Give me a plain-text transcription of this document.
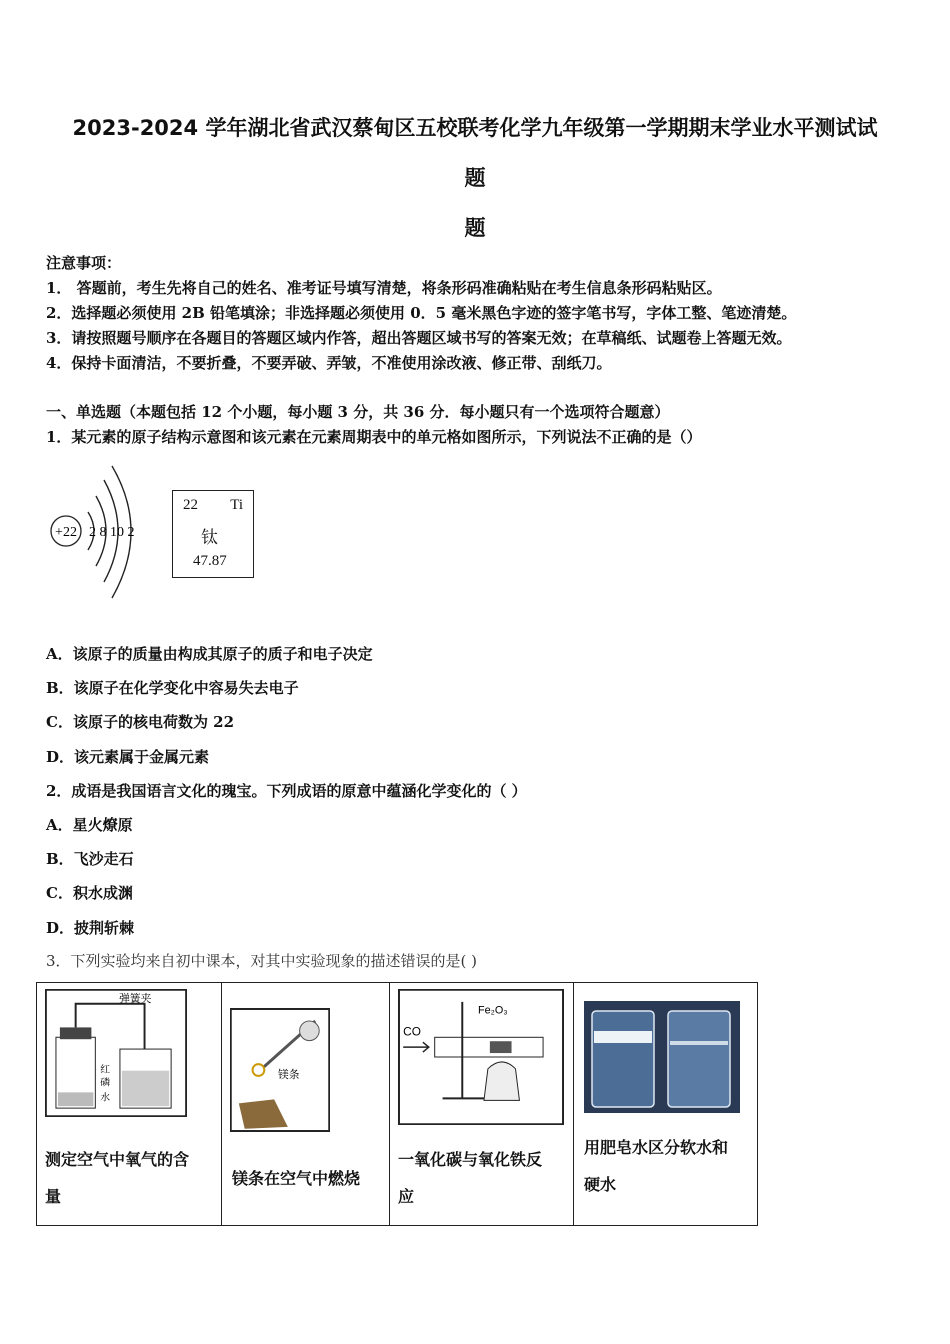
2023-2024 学年湖北省武汉蔡甸区五校联考化学九年级第一学期期末学业水平测试试
题
题
注意事项：
1． 答题前，考生先将自己的姓名、准考证号填写清楚，将条形码准确粘贴在考生信息条形码粘贴区。
2．选择题必须使用 2B 铅笔填涂；非选择题必须使用 0．5 毫米黑色字迹的签字笔书写，字体工整、笔迹清楚。
3．请按照题号顺序在各题目的答题区域内作答，超出答题区域书写的答案无效；在草稿纸、试题卷上答题无效。
4．保持卡面清洁，不要折叠，不要弄破、弄皱，不准使用涂改液、修正带、刮纸刀。
一、单选题（本题包括 12 个小题，每小题 3 分，共 36 分．每小题只有一个选项符合题意）
1．某元素的原子结构示意图和该元素在元素周期表中的单元格如图所示，下列说法不正确的是（）
+22 2 8 10 2
22 Ti
钛
47.87
A．该原子的质量由构成其原子的质子和电子决定
B．该原子在化学变化中容易失去电子
C．该原子的核电荷数为 22
D．该元素属于金属元素
2．成语是我国语言文化的瑰宝。下列成语的原意中蕴涵化学变化的（ ）
A．星火燎原
B．飞沙走石
C．积水成渊
D．披荆斩棘
3．下列实验均来自初中课本，对其中实验现象的描述错误的是( )
弹簧夹
红
磷
水
测定空气中氧气的含
量
镁条
镁条在空气中燃烧
CO
Fe₂O₃
一氧化碳与氧化铁反
应
用肥皂水区分软水和
硬水
